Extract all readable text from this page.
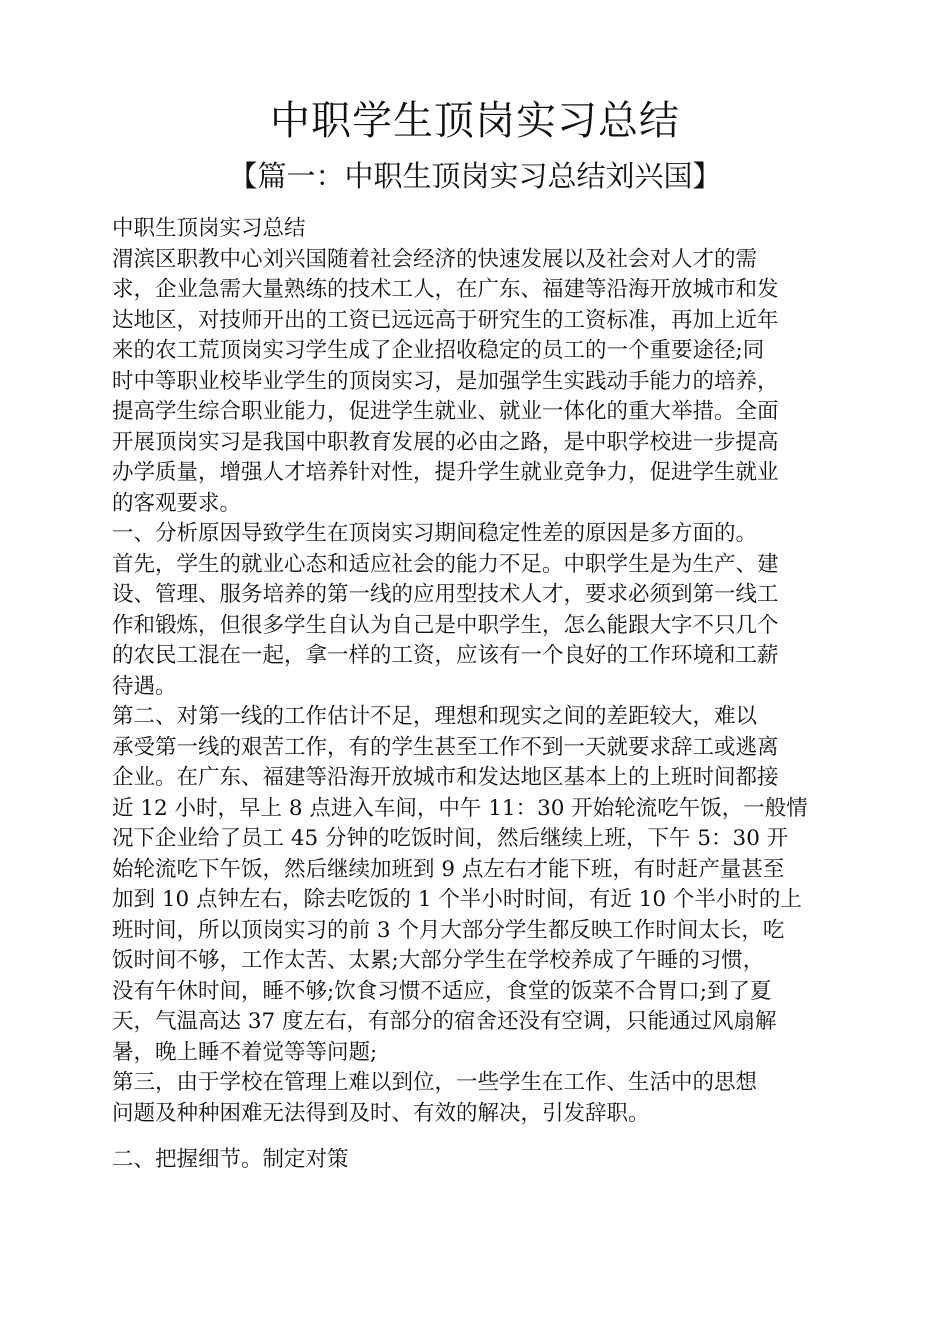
中职学生顶岗实习总结
【篇一：中职生顶岗实习总结刘兴国】

中职生顶岗实习总结

渭滨区职教中心刘兴国随着社会经济的快速发展以及社会对人才的需

求，企业急需大量熟练的技术工人，在广东、福建等沿海开放城市和发

达地区，对技师开出的工资已远远高于研究生的工资标准，再加上近年

来的农工荒顶岗实习学生成了企业招收稳定的员工的一个重要途径;同

时中等职业校毕业学生的顶岗实习，是加强学生实践动手能力的培养，

提高学生综合职业能力，促进学生就业、就业一体化的重大举措。全面

开展顶岗实习是我国中职教育发展的必由之路，是中职学校进一步提高

办学质量，增强人才培养针对性，提升学生就业竞争力，促进学生就业

的客观要求。

一、分析原因导致学生在顶岗实习期间稳定性差的原因是多方面的。

首先，学生的就业心态和适应社会的能力不足。中职学生是为生产、建

设、管理、服务培养的第一线的应用型技术人才，要求必须到第一线工

作和锻炼，但很多学生自认为自己是中职学生，怎么能跟大字不只几个

的农民工混在一起，拿一样的工资，应该有一个良好的工作环境和工薪

待遇。

第二、对第一线的工作估计不足，理想和现实之间的差距较大，难以

承受第一线的艰苦工作，有的学生甚至工作不到一天就要求辞工或逃离

企业。在广东、福建等沿海开放城市和发达地区基本上的上班时间都接

近 12 小时，早上 8 点进入车间，中午 11：30 开始轮流吃午饭，一般情

况下企业给了员工 45 分钟的吃饭时间，然后继续上班，下午 5：30 开

始轮流吃下午饭，然后继续加班到 9 点左右才能下班，有时赶产量甚至

加到 10 点钟左右，除去吃饭的 1 个半小时时间，有近 10 个半小时的上

班时间，所以顶岗实习的前 3 个月大部分学生都反映工作时间太长，吃

饭时间不够，工作太苦、太累;大部分学生在学校养成了午睡的习惯，

没有午休时间，睡不够;饮食习惯不适应，食堂的饭菜不合胃口;到了夏

天，气温高达 37 度左右，有部分的宿舍还没有空调，只能通过风扇解

暑，晚上睡不着觉等等问题;

第三，由于学校在管理上难以到位，一些学生在工作、生活中的思想

问题及种种困难无法得到及时、有效的解决，引发辞职。

二、把握细节。制定对策
